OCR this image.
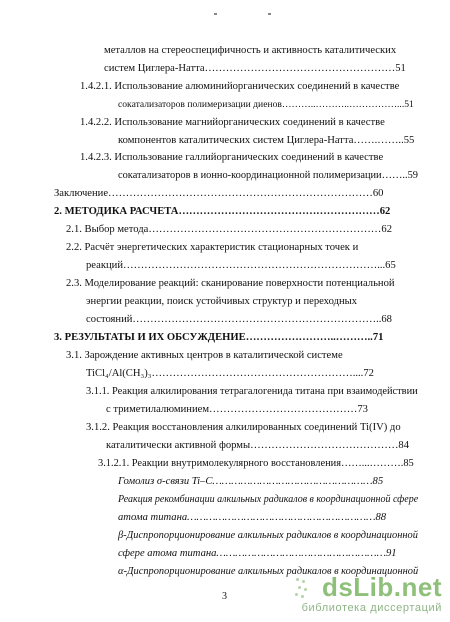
металлов на стереоспецифичность и активность каталитических
систем Циглера-Натта………………………………………………51
1.4.2.1. Использование алюминийорганических соединений в качестве
сокатализаторов полимеризации диенов………..………..……………...51
1.4.2.2. Использование магнийорганических соединений в качестве
компонентов каталитических систем Циглера-Натта…….……..55
1.4.2.3. Использование галлийорганических соединений в качестве
сокатализаторов в ионно-координационной полимеризации……..59
Заключение…………………………………………………………………60
2. МЕТОДИКА РАСЧЕТА…………………………………………………62
2.1. Выбор метода…………………………………………………………62
2.2. Расчёт энергетических характеристик стационарных точек и
реакций………………………………………………………………...65
2.3. Моделирование реакций: сканирование поверхности потенциальной
энергии реакции, поиск устойчивых структур и переходных
состояний……………………………………………………………..68
3. РЕЗУЛЬТАТЫ И ИХ ОБСУЖДЕНИЕ……………………..………..71
3.1. Зарождение активных центров в каталитической системе
TiCl₄/Al(CH₃)₃…………………………………………………....72
3.1.1. Реакция алкилирования тетрагалогенида титана при взаимодействии
с триметилалюминием……………………………………73
3.1.2. Реакция восстановления алкилированных соединений Ti(IV) до
каталитически активной формы……………………………………84
3.1.2.1. Реакции внутримолекулярного восстановления……...……….85
Гомолиз σ-связи Ti–C……………………………………………85
Реакция рекомбинации алкильных радикалов в координационной сфере
атома титана……………………………………………………88
β-Диспропорционирование алкильных радикалов в координационной
сфере атома титана………………………………………………91
α-Диспропорционирование алкильных радикалов в координационной
3	dsLib.net
библиотека диссертаций
